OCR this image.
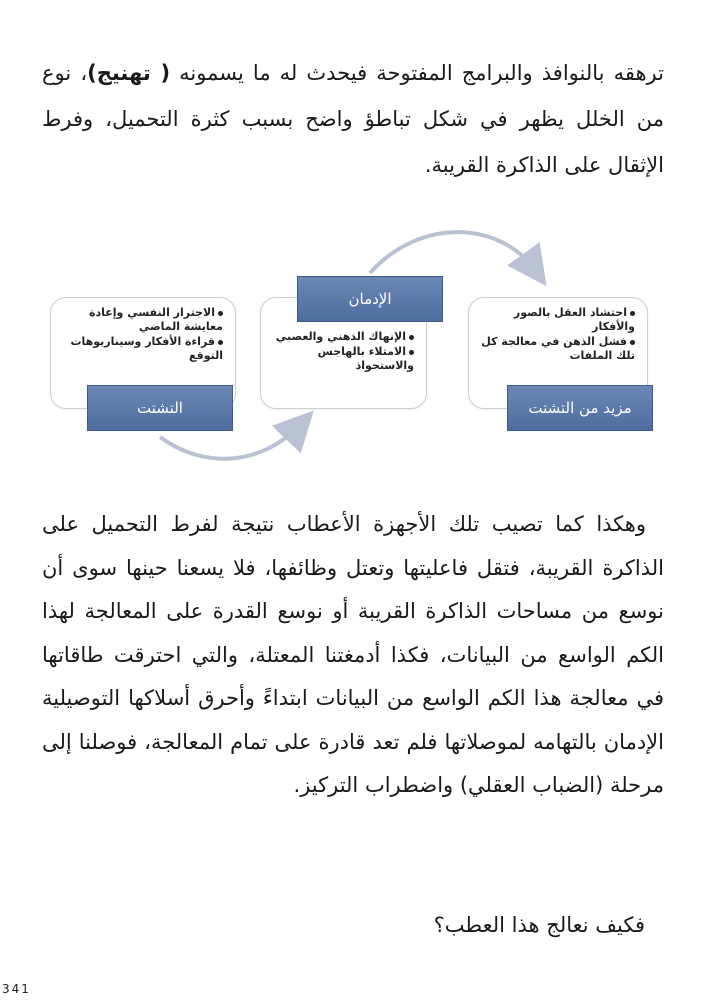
ترهقه بالنوافذ والبرامج المفتوحة فيحدث له ما يسمونه ( تهنيج)، نوع من الخلل يظهر في شكل تباطؤ واضح بسبب كثرة التحميل، وفرط الإثقال على الذاكرة القريبة.

الاجترار النفسي وإعادة معايشة الماضي
قراءة الأفكار وسيناريوهات التوقع
التشتت
الإنهاك الذهني والعصبي
الامتلاء بالهاجس والاستحواذ
الإدمان
احتشاد العقل بالصور والأفكار
فشل الذهن في معالجة كل تلك الملفات
مزيد من التشتت

وهكذا كما تصيب تلك الأجهزة الأعطاب نتيجة لفرط التحميل على الذاكرة القريبة، فتقل فاعليتها وتعتل وظائفها، فلا يسعنا حينها سوى أن نوسع من مساحات الذاكرة القريبة أو نوسع القدرة على المعالجة لهذا الكم الواسع من البيانات، فكذا أدمغتنا المعتلة، والتي احترقت طاقاتها في معالجة هذا الكم الواسع من البيانات ابتداءً وأحرق أسلاكها التوصيلية الإدمان بالتهامه لموصلاتها فلم تعد قادرة على تمام المعالجة، فوصلنا إلى مرحلة (الضباب العقلي) واضطراب التركيز.

فكيف نعالج هذا العطب؟
341
